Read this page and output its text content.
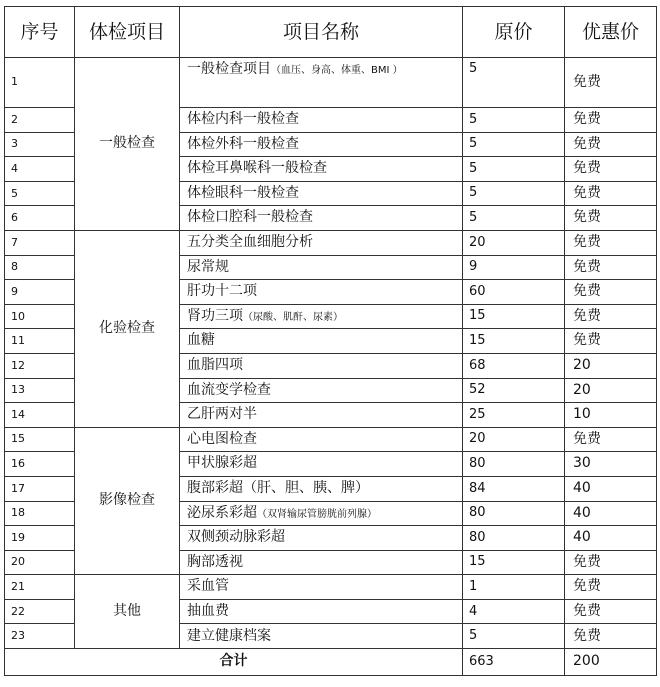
序号	体检项目	项目名称	原价	优惠价
1	一般检查	一般检查项目（血压、身高、体重、BMI ）	5	免费
2		体检内科一般检查	5	免费
3		体检外科一般检查	5	免费
4		体检耳鼻喉科一般检查	5	免费
5		体检眼科一般检查	5	免费
6		体检口腔科一般检查	5	免费
7	化验检查	五分类全血细胞分析	20	免费
8		尿常规	9	免费
9		肝功十二项	60	免费
10		肾功三项（尿酸、肌酐、尿素）	15	免费
11		血糖	15	免费
12		血脂四项	68	20
13		血流变学检查	52	20
14		乙肝两对半	25	10
15	影像检查	心电图检查	20	免费
16		甲状腺彩超	80	30
17		腹部彩超（肝、胆、胰、脾）	84	40
18		泌尿系彩超（双肾输尿管膀胱前列腺）	80	40
19		双侧颈动脉彩超	80	40
20		胸部透视	15	免费
21	其他	采血管	1	免费
22		抽血费	4	免费
23		建立健康档案	5	免费
合计			663	200
